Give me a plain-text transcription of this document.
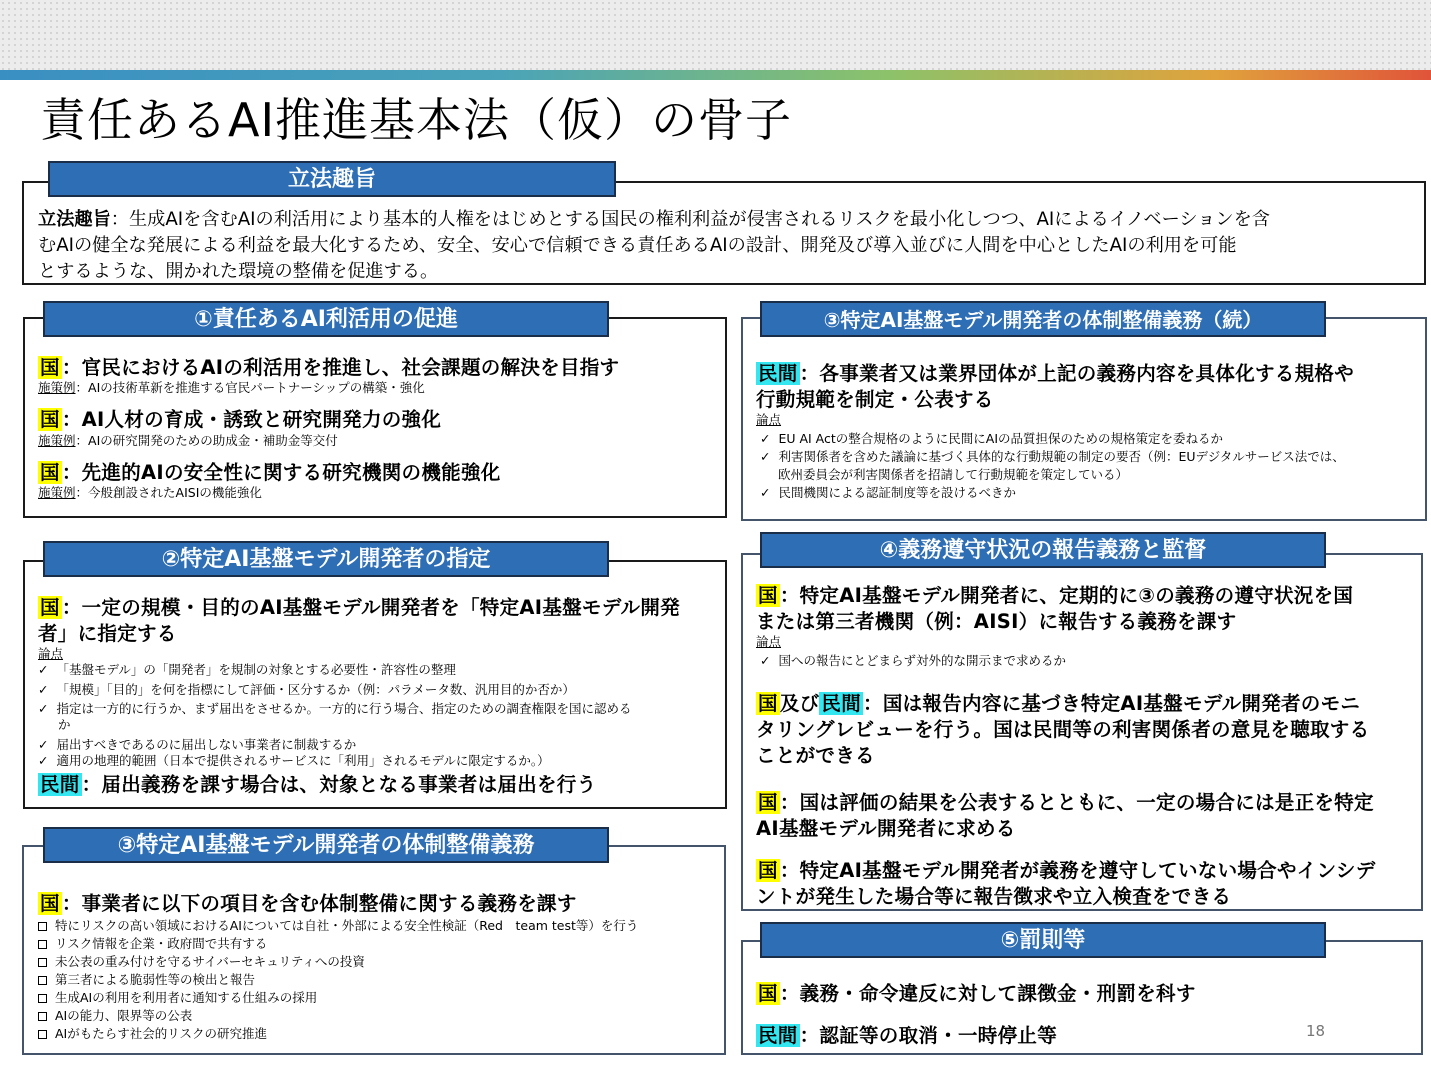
責任あるAI推進基本法（仮）の骨子
立法趣旨
立法趣旨：生成AIを含むAIの利活用により基本的人権をはじめとする国民の権利利益が侵害されるリスクを最小化しつつ、AIによるイノベーションを含
むAIの健全な発展による利益を最大化するため、安全、安心で信頼できる責任あるAIの設計、開発及び導入並びに人間を中心としたAIの利用を可能
とするような、開かれた環境の整備を促進する。
①責任あるAI利活用の促進
国 ：官民におけるAIの利活用を推進し、社会課題の解決を目指す
施策例：AIの技術革新を推進する官民パートナーシップの構築・強化
国 ：AI人材の育成・誘致と研究開発力の強化
施策例：AIの研究開発のための助成金・補助金等交付
国 ：先進的AIの安全性に関する研究機関の機能強化
施策例：今般創設されたAISIの機能強化
②特定AI基盤モデル開発者の指定
国 ：一定の規模・目的のAI基盤モデル開発者を「特定AI基盤モデル開発
者」に指定する
論点
✓ 「基盤モデル」の「開発者」を規制の対象とする必要性・許容性の整理
✓ 「規模」「目的」を何を指標にして評価・区分するか（例：パラメータ数、汎用目的か否か）
✓ 指定は一方的に行うか、まず届出をさせるか。一方的に行う場合、指定のための調査権限を国に認める
か
✓ 届出すべきであるのに届出しない事業者に制裁するか
✓ 適用の地理的範囲（日本で提供されるサービスに「利用」されるモデルに限定するか。）
民間 ：届出義務を課す場合は、対象となる事業者は届出を行う
③特定AI基盤モデル開発者の体制整備義務
国 ：事業者に以下の項目を含む体制整備に関する義務を課す
特にリスクの高い領域におけるAIについては自社・外部による安全性検証（Red　team test等）を行う
リスク情報を企業・政府間で共有する
未公表の重み付けを守るサイバーセキュリティへの投資
第三者による脆弱性等の検出と報告
生成AIの利用を利用者に通知する仕組みの採用
AIの能力、限界等の公表
AIがもたらす社会的リスクの研究推進
③特定AI基盤モデル開発者の体制整備義務（続）
民間 ：各事業者又は業界団体が上記の義務内容を具体化する規格や
行動規範を制定・公表する
論点
✓ EU AI Actの整合規格のように民間にAIの品質担保のための規格策定を委ねるか
✓ 利害関係者を含めた議論に基づく具体的な行動規範の制定の要否（例：EUデジタルサービス法では、
欧州委員会が利害関係者を招請して行動規範を策定している）
✓ 民間機関による認証制度等を設けるべきか
④義務遵守状況の報告義務と監督
国 ：特定AI基盤モデル開発者に、定期的に③の義務の遵守状況を国
または第三者機関（例：AISI）に報告する義務を課す
論点
✓ 国への報告にとどまらず対外的な開示まで求めるか
国 及び 民間 ：国は報告内容に基づき特定AI基盤モデル開発者のモニ
タリングレビューを行う。国は民間等の利害関係者の意見を聴取する
ことができる
国 ：国は評価の結果を公表するとともに、一定の場合には是正を特定
AI基盤モデル開発者に求める
国 ：特定AI基盤モデル開発者が義務を遵守していない場合やインシデ
ントが発生した場合等に報告徴求や立入検査をできる
⑤罰則等
国 ：義務・命令違反に対して課徴金・刑罰を科す
民間 ：認証等の取消・一時停止等	18
